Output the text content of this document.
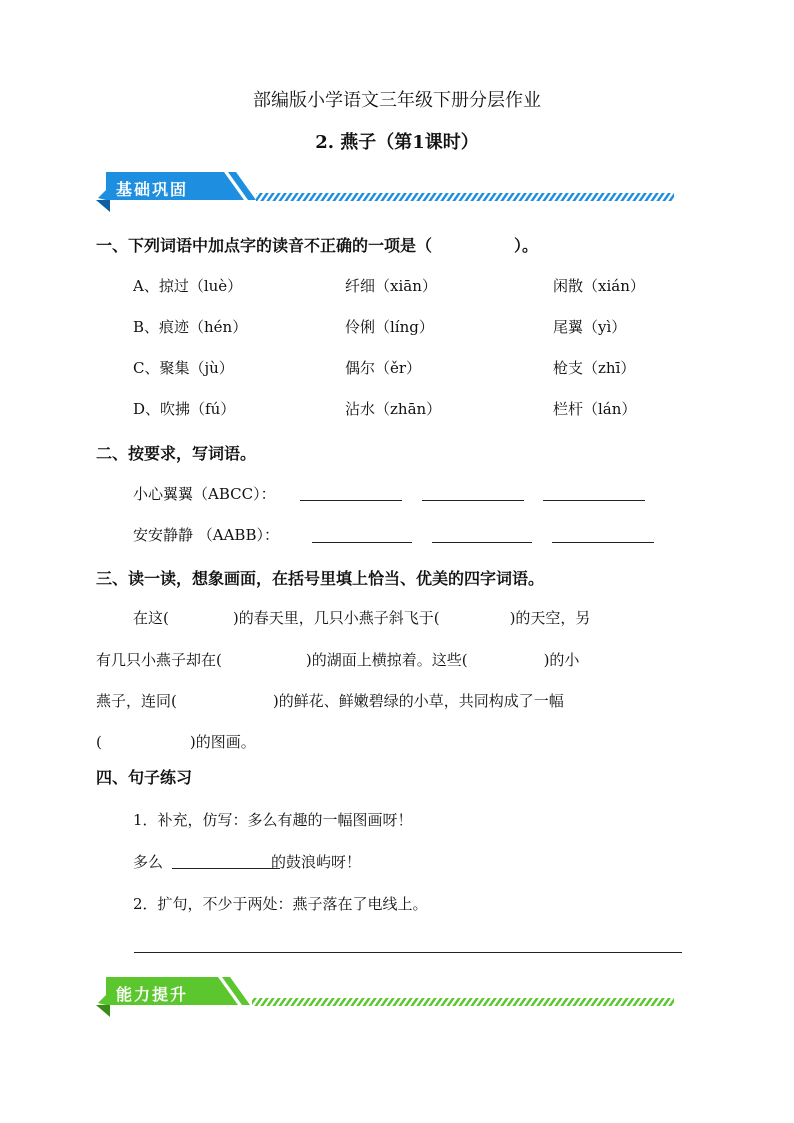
部编版小学语文三年级下册分层作业
2. 燕子（第1课时）
基础巩固
一、下列词语中加点字的读音不正确的一项是（	）。
A、掠过（luè）	纤细（xiān）	闲散（xián）
B、痕迹（hén）	伶俐（líng）	尾翼（yì）
C、聚集（jù）	偶尔（ěr）	枪支（zhī）
D、吹拂（fú）	沾水（zhān）	栏杆（lán）
二、按要求，写词语。
小心翼翼（ABCC）：
安安静静 （AABB）：
三、读一读，想象画面，在括号里填上恰当、优美的四字词语。
在这(	)的春天里，几只小燕子斜飞于(	)的天空，另
有几只小燕子却在(	)的湖面上横掠着。这些(	)的小
燕子，连同(	)的鲜花、鲜嫩碧绿的小草，共同构成了一幅
(	)的图画。
四、句子练习
1．补充，仿写：多么有趣的一幅图画呀！
多么	的鼓浪屿呀！
2．扩句，不少于两处：燕子落在了电线上。
能力提升
